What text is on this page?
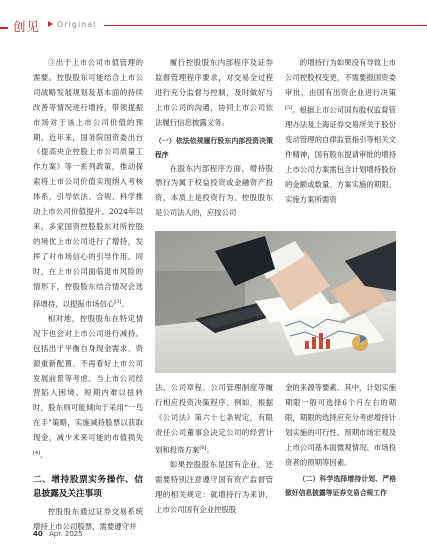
创见 Original

③出于上市公司市值管理的需要。控股股东可能结合上市公司战略发展规划及基本面的持续改善等情况进行增持，带领提振市场对于该上市公司价值的预期。近年来，国务院国资委出台《提高央企控股上市公司质量工作方案》等一系列政策，推动探索将上市公司价值实现纳入考核体系，引导依法、合规、科学推动上市公司价值提升。2024年以来，多家国资控股股东对所控股的境优上市公司进行了增持，发挥了对市场信心的引导作用。同时，在上市公司面临退市风险的情形下，控股股东结合情况会选择增持，以提振市场信心[3]。

相对地，控股股东在特定情况下也会对上市公司进行减持。包括出于平衡自身现金需求、资源重新配置、不再看好上市公司发展前景等考虑。当上市公司经营陷入困境、短期内难以扭转时，股东则可能倾向于采用“一鸟在手”策略，实施减持股票以获取现金，减少未来可能的市值损失[4]。

二、增持股票实务操作、信息披露及关注事项

控股股东通过证券交易系统增持上市公司股票，需要遵守并

履行控股股东内部程序及证券监督管理程序要求，对交易全过程进行充分监督与控制，及时做好与上市公司的沟通，协同上市公司依法履行信息披露义务。

（一）依法依规履行股东内部投资决策程序

在股东内部程序方面，增持股票行为属于权益投资或金融资产投资，本质上是投资行为。控股股东是公司法人的，应按公司

的增持行为如果没有导致上市公司控股权变更，不需要报国资委审批，由国有出资企业进行决策[5]。根据上市公司国有股权监督管理办法及上海证券交易所关于股份变动管理的自律监管指引等相关文件精神，国有股东提请审批的增持上市公司方案需包含计划增持股份的金额或数量、方案实施的期限、实施方案所需资

法、公司章程、公司管理制度等履行相应投资决策程序。例如，根据《公司法》第六十七条规定，有限责任公司董事会决定公司的经营计划和投资方案[6]。

如果控股股东是国有企业，还需要特别注意遵守国有资产监督管理的相关规定：就增持行为来讲，上市公司国有企业控股股

金的来源等要素。其中，计划实施期限一般可选择6个月左右的期限，期限的选择应充分考虑增持计划实施的可行性、预期市场宏观及上市公司基本面微观情况、市场投资者的预期等因素。

（二）科学选择增持计划、严格做好信息披露等证券交易合规工作

40 Apr. 2025
